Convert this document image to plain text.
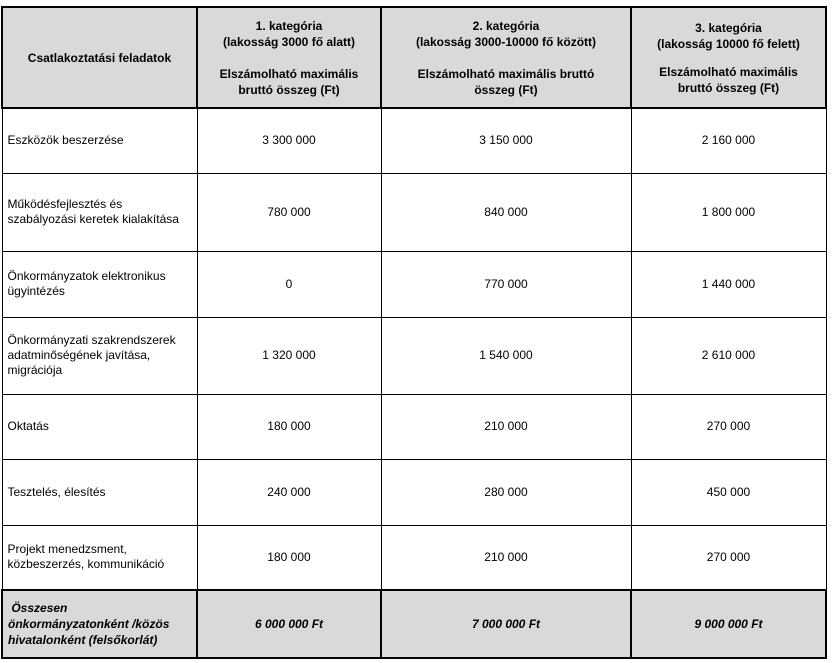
Csatlakoztatási feladatok	1. kategória
(lakosság 3000 fő alatt)
Elszámolható maximális
bruttó összeg (Ft)	2. kategória
(lakosság 3000-10000 fő között)
Elszámolható maximális bruttó
összeg (Ft)	3. kategória
(lakosság 10000 fő felett)
Elszámolható maximális
bruttó összeg (Ft)

Eszközök beszerzése	3 300 000	3 150 000	2 160 000

Működésfejlesztés és
szabályozási keretek kialakítása	780 000	840 000	1 800 000

Önkormányzatok elektronikus
ügyintézés	0	770 000	1 440 000

Önkormányzati szakrendszerek
adatminőségének javítása,
migrációja	1 320 000	1 540 000	2 610 000

Oktatás	180 000	210 000	270 000

Tesztelés, élesítés	240 000	280 000	450 000

Projekt menedzsment,
közbeszerzés, kommunikáció	180 000	210 000	270 000

Összesen
önkormányzatonként /közös
hivatalonként (felsőkorlát)	6 000 000 Ft	7 000 000 Ft	9 000 000 Ft
